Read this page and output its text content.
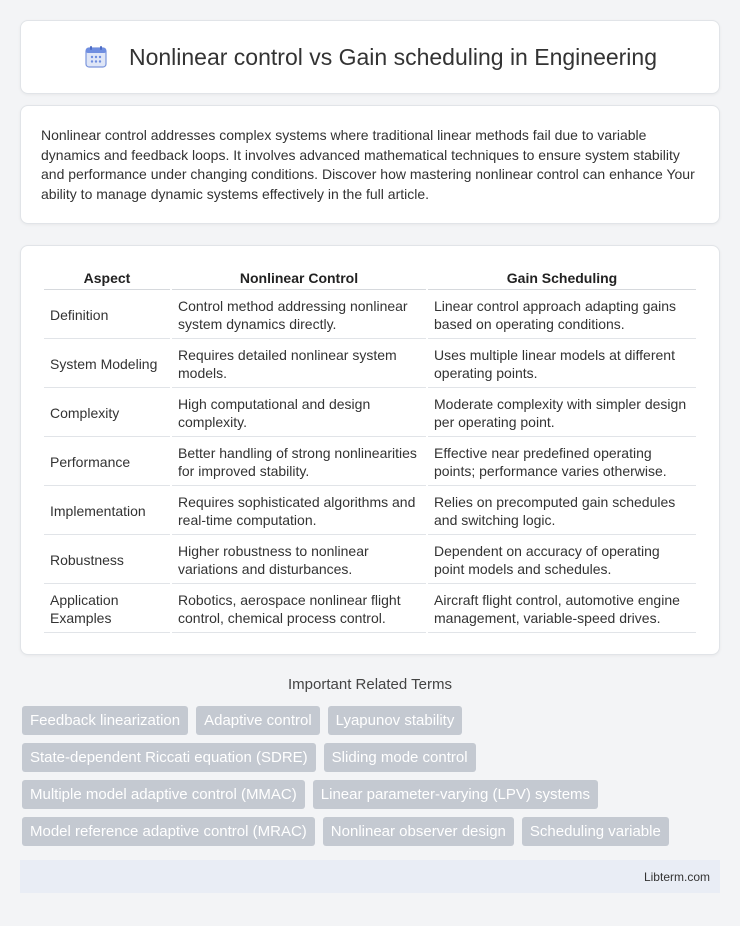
Nonlinear control vs Gain scheduling in Engineering

Nonlinear control addresses complex systems where traditional linear methods fail due to variable dynamics and feedback loops. It involves advanced mathematical techniques to ensure system stability and performance under changing conditions. Discover how mastering nonlinear control can enhance Your ability to manage dynamic systems effectively in the full article.

Aspect	Nonlinear Control	Gain Scheduling
Definition	Control method addressing nonlinear system dynamics directly.	Linear control approach adapting gains based on operating conditions.
System Modeling	Requires detailed nonlinear system models.	Uses multiple linear models at different operating points.
Complexity	High computational and design complexity.	Moderate complexity with simpler design per operating point.
Performance	Better handling of strong nonlinearities for improved stability.	Effective near predefined operating points; performance varies otherwise.
Implementation	Requires sophisticated algorithms and real-time computation.	Relies on precomputed gain schedules and switching logic.
Robustness	Higher robustness to nonlinear variations and disturbances.	Dependent on accuracy of operating point models and schedules.
Application Examples	Robotics, aerospace nonlinear flight control, chemical process control.	Aircraft flight control, automotive engine management, variable-speed drives.
Important Related Terms
Feedback linearization	Adaptive control	Lyapunov stability
State-dependent Riccati equation (SDRE)	Sliding mode control
Multiple model adaptive control (MMAC)	Linear parameter-varying (LPV) systems
Model reference adaptive control (MRAC)	Nonlinear observer design	Scheduling variable
Libterm.com
